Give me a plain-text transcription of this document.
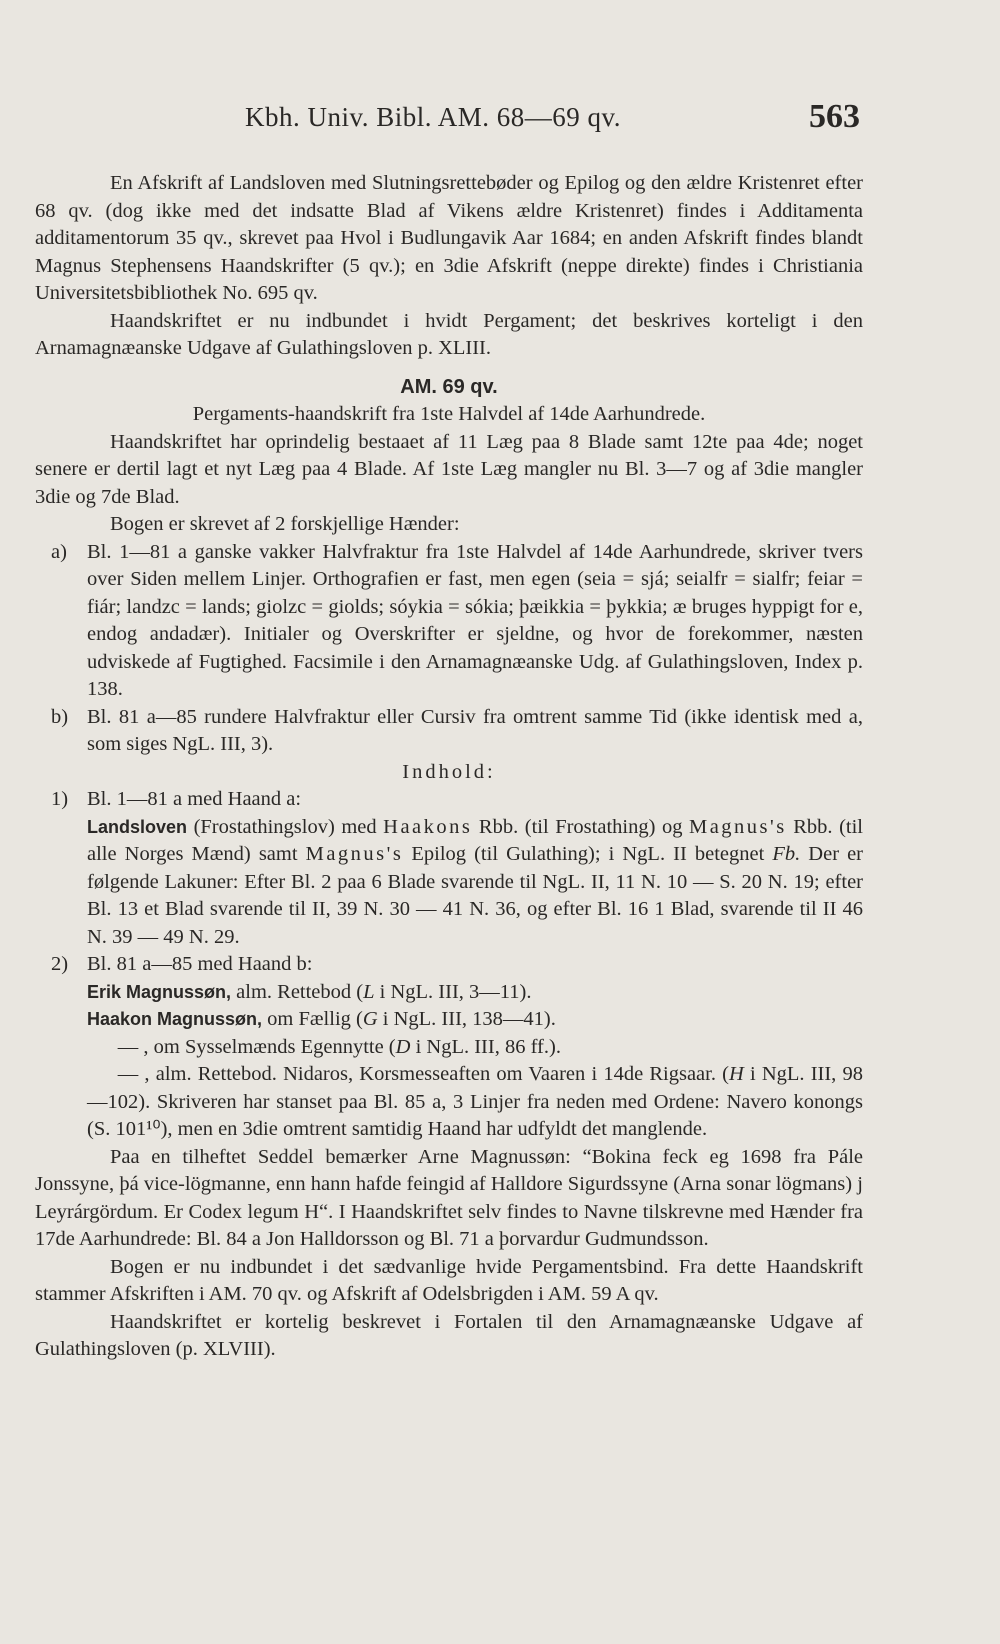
Kbh. Univ. Bibl. AM. 68—69 qv.	563

En Afskrift af Landsloven med Slutningsrettebøder og Epilog og den ældre Kristenret efter 68 qv. (dog ikke med det indsatte Blad af Vikens ældre Kristenret) findes i Additamenta additamentorum 35 qv., skrevet paa Hvol i Budlungavik Aar 1684; en anden Afskrift findes blandt Magnus Stephensens Haandskrifter (5 qv.); en 3die Afskrift (neppe direkte) findes i Christiania Universitetsbibliothek No. 695 qv.

Haandskriftet er nu indbundet i hvidt Pergament; det beskrives korteligt i den Arnamagnæanske Udgave af Gulathingsloven p. XLIII.

AM. 69 qv.

Pergaments-haandskrift fra 1ste Halvdel af 14de Aarhundrede.

Haandskriftet har oprindelig bestaaet af 11 Læg paa 8 Blade samt 12te paa 4de; noget senere er dertil lagt et nyt Læg paa 4 Blade. Af 1ste Læg mangler nu Bl. 3—7 og af 3die mangler 3die og 7de Blad.

Bogen er skrevet af 2 forskjellige Hænder:

a) Bl. 1—81 a ganske vakker Halvfraktur fra 1ste Halvdel af 14de Aarhundrede, skriver tvers over Siden mellem Linjer. Orthografien er fast, men egen (seia = sjá; seialfr = sialfr; feiar = fiár; landzc = lands; giolzc = giolds; sóykia = sókia; þæikkia = þykkia; æ bruges hyppigt for e, endog andadær). Initialer og Overskrifter er sjeldne, og hvor de forekommer, næsten udviskede af Fugtighed. Facsimile i den Arnamagnæanske Udg. af Gulathingsloven, Index p. 138.

b) Bl. 81 a—85 rundere Halvfraktur eller Cursiv fra omtrent samme Tid (ikke identisk med a, som siges NgL. III, 3).

Indhold:

1) Bl. 1—81 a med Haand a:

Landsloven (Frostathingslov) med Haakons Rbb. (til Frostathing) og Magnus's Rbb. (til alle Norges Mænd) samt Magnus's Epilog (til Gulathing); i NgL. II betegnet Fb. Der er følgende Lakuner: Efter Bl. 2 paa 6 Blade svarende til NgL. II, 11 N. 10 — S. 20 N. 19; efter Bl. 13 et Blad svarende til II, 39 N. 30 — 41 N. 36, og efter Bl. 16 1 Blad, svarende til II 46 N. 39 — 49 N. 29.

2) Bl. 81 a—85 med Haand b:

Erik Magnussøn, alm. Rettebod (L i NgL. III, 3—11).

Haakon Magnussøn, om Fællig (G i NgL. III, 138—41).

  — , om Sysselmænds Egennytte (D i NgL. III, 86 ff.).

  — , alm. Rettebod. Nidaros, Korsmesseaften om Vaaren i 14de Rigsaar. (H i NgL. III, 98—102). Skriveren har stanset paa Bl. 85 a, 3 Linjer fra neden med Ordene: Navero konongs (S. 101¹⁰), men en 3die omtrent samtidig Haand har udfyldt det manglende.

Paa en tilheftet Seddel bemærker Arne Magnussøn: “Bokina feck eg 1698 fra Pále Jonssyne, þá vice-lögmanne, enn hann hafde feingid af Halldore Sigurdssyne (Arna sonar lögmans) j Leyrárgördum. Er Codex legum H“. I Haandskriftet selv findes to Navne tilskrevne med Hænder fra 17de Aarhundrede: Bl. 84 a Jon Halldorsson og Bl. 71 a þorvardur Gudmundsson.

Bogen er nu indbundet i det sædvanlige hvide Pergamentsbind. Fra dette Haandskrift stammer Afskriften i AM. 70 qv. og Afskrift af Odelsbrigden i AM. 59 A qv.

Haandskriftet er kortelig beskrevet i Fortalen til den Arnamagnæanske Udgave af Gulathingsloven (p. XLVIII).
